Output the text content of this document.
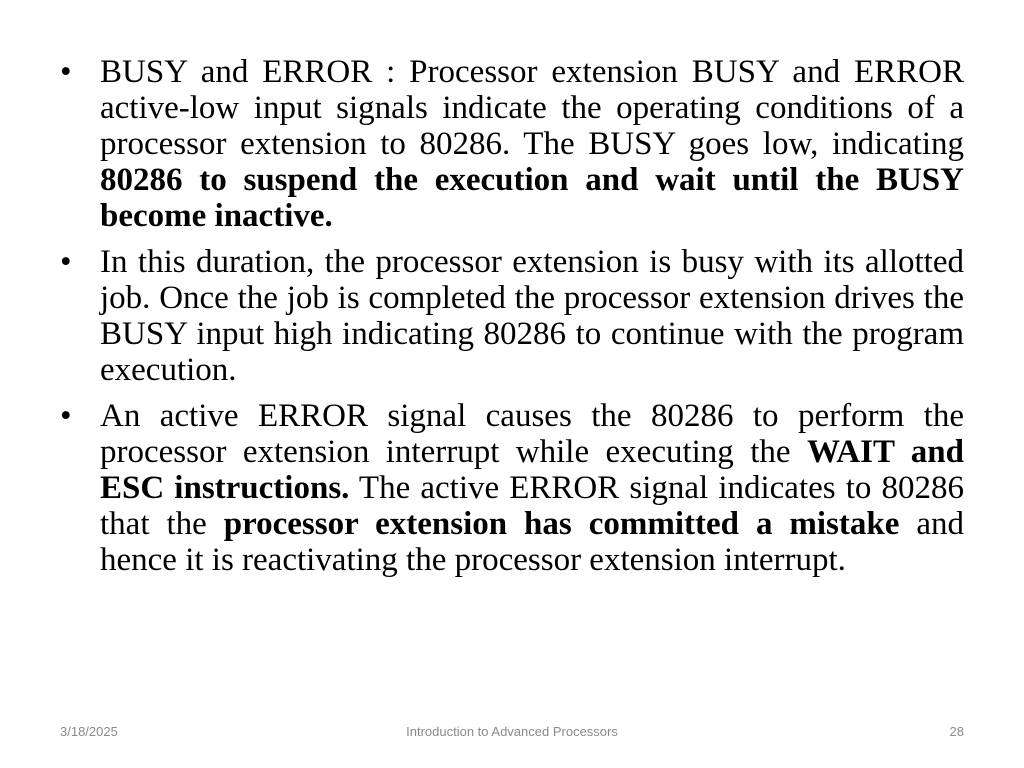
• BUSY and ERROR : Processor extension BUSY and ERROR active-low input signals indicate the operating conditions of a processor extension to 80286. The BUSY goes low, indicating 80286 to suspend the execution and wait until the BUSY become inactive.
• In this duration, the processor extension is busy with its allotted job. Once the job is completed the processor extension drives the BUSY input high indicating 80286 to continue with the program execution.
• An active ERROR signal causes the 80286 to perform the processor extension interrupt while executing the WAIT and ESC instructions. The active ERROR signal indicates to 80286 that the processor extension has committed a mistake and hence it is reactivating the processor extension interrupt.
3/18/2025	Introduction to Advanced Processors	28
